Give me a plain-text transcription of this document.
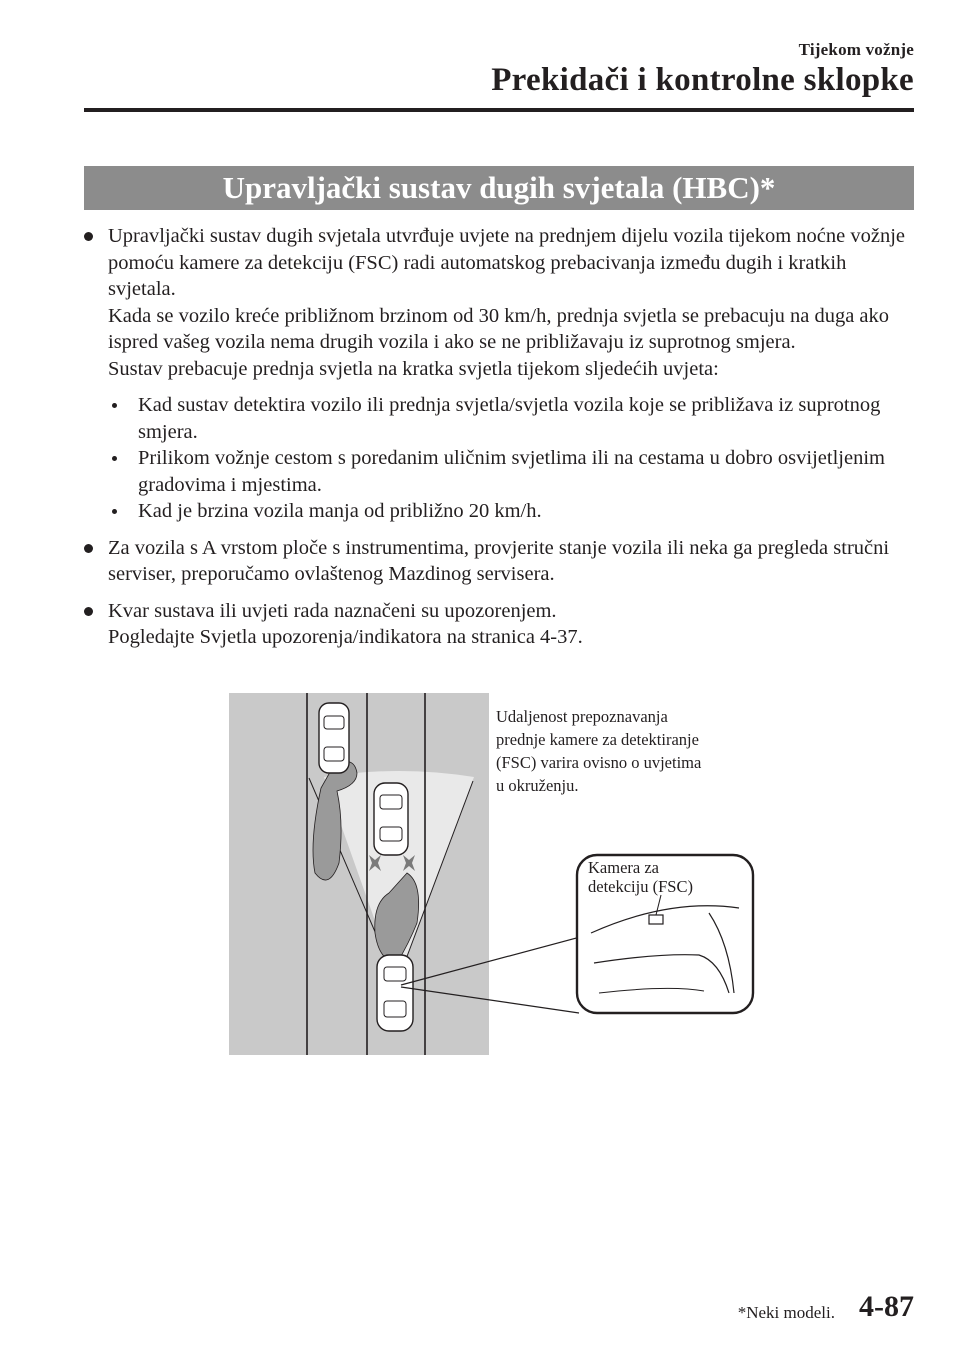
Tijekom vožnje
Prekidači i kontrolne sklopke
Upravljački sustav dugih svjetala (HBC)*
Upravljački sustav dugih svjetala utvrđuje uvjete na prednjem dijelu vozila tijekom noćne vožnje pomoću kamere za detekciju (FSC) radi automatskog prebacivanja između dugih i kratkih svjetala.
Kada se vozilo kreće približnom brzinom od 30 km/h, prednja svjetla se prebacuju na duga ako ispred vašeg vozila nema drugih vozila i ako se ne približavaju iz suprotnog smjera.
Sustav prebacuje prednja svjetla na kratka svjetla tijekom sljedećih uvjeta:
Kad sustav detektira vozilo ili prednja svjetla/svjetla vozila koje se približava iz suprotnog smjera.
Prilikom vožnje cestom s poredanim uličnim svjetlima ili na cestama u dobro osvijetljenim gradovima i mjestima.
Kad je brzina vozila manja od približno 20 km/h.
Za vozila s A vrstom ploče s instrumentima, provjerite stanje vozila ili neka ga pregleda stručni serviser, preporučamo ovlaštenog Mazdinog servisera.
Kvar sustava ili uvjeti rada naznačeni su upozorenjem.
Pogledajte Svjetla upozorenja/indikatora na stranica 4-37.
Udaljenost prepoznavanja
prednje kamere za detektiranje
(FSC) varira ovisno o uvjetima
u okruženju.
Kamera za
detekciju (FSC)
*Neki modeli. 4-87
